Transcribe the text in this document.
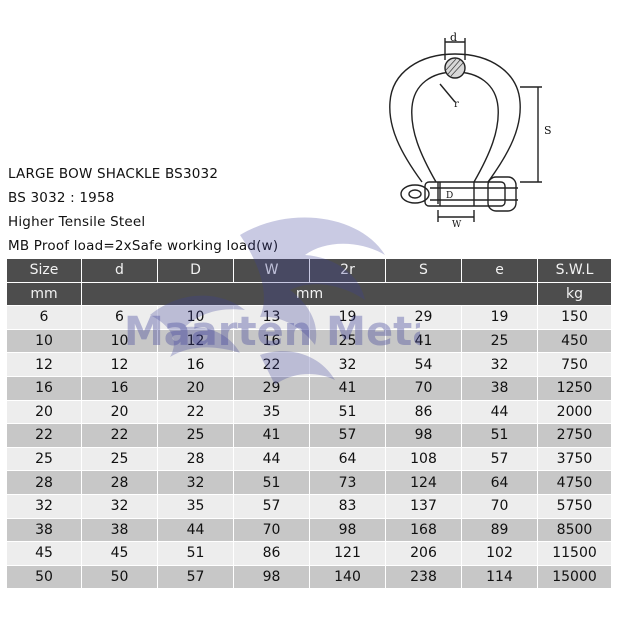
d
r
S
D
W
LARGE BOW SHACKLE BS3032
BS 3032 : 1958
Higher Tensile Steel
MB Proof load=2xSafe working load(w)
Size	d	D	W	2r	S	e	S.W.L
mm	mm						kg
6	6	10	13	19	29	19	150
10	10	12	16	25	41	25	450
12	12	16	22	32	54	32	750
16	16	20	29	41	70	38	1250
20	20	22	35	51	86	44	2000
22	22	25	41	57	98	51	2750
25	25	28	44	64	108	57	3750
28	28	32	51	73	124	64	4750
32	32	35	57	83	137	70	5750
38	38	44	70	98	168	89	8500
45	45	51	86	121	206	102	11500
50	50	57	98	140	238	114	15000
Maarten Met
